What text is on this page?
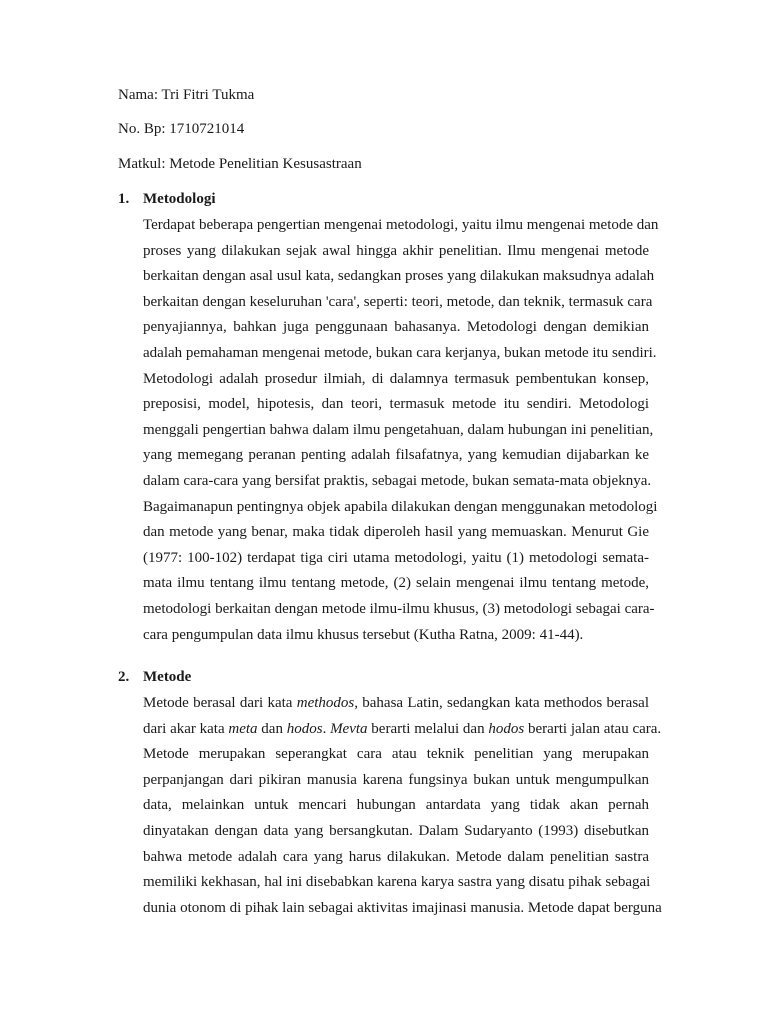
Nama: Tri Fitri Tukma
No. Bp: 1710721014
Matkul: Metode Penelitian Kesusastraan
1. Metodologi
Terdapat beberapa pengertian mengenai metodologi, yaitu ilmu mengenai metode dan
proses yang dilakukan sejak awal hingga akhir penelitian. Ilmu mengenai metode
berkaitan dengan asal usul kata, sedangkan proses yang dilakukan maksudnya adalah
berkaitan dengan keseluruhan 'cara', seperti: teori, metode, dan teknik, termasuk cara
penyajiannya, bahkan juga penggunaan bahasanya. Metodologi dengan demikian
adalah pemahaman mengenai metode, bukan cara kerjanya, bukan metode itu sendiri.
Metodologi adalah prosedur ilmiah, di dalamnya termasuk pembentukan konsep,
preposisi, model, hipotesis, dan teori, termasuk metode itu sendiri. Metodologi
menggali pengertian bahwa dalam ilmu pengetahuan, dalam hubungan ini penelitian,
yang memegang peranan penting adalah filsafatnya, yang kemudian dijabarkan ke
dalam cara-cara yang bersifat praktis, sebagai metode, bukan semata-mata objeknya.
Bagaimanapun pentingnya objek apabila dilakukan dengan menggunakan metodologi
dan metode yang benar, maka tidak diperoleh hasil yang memuaskan. Menurut Gie
(1977: 100-102) terdapat tiga ciri utama metodologi, yaitu (1) metodologi semata-
mata ilmu tentang ilmu tentang metode, (2) selain mengenai ilmu tentang metode,
metodologi berkaitan dengan metode ilmu-ilmu khusus, (3) metodologi sebagai cara-
cara pengumpulan data ilmu khusus tersebut (Kutha Ratna, 2009: 41-44).
2. Metode
Metode berasal dari kata methodos, bahasa Latin, sedangkan kata methodos berasal
dari akar kata meta dan hodos. Mevta berarti melalui dan hodos berarti jalan atau cara.
Metode merupakan seperangkat cara atau teknik penelitian yang merupakan
perpanjangan dari pikiran manusia karena fungsinya bukan untuk mengumpulkan
data, melainkan untuk mencari hubungan antardata yang tidak akan pernah
dinyatakan dengan data yang bersangkutan. Dalam Sudaryanto (1993) disebutkan
bahwa metode adalah cara yang harus dilakukan. Metode dalam penelitian sastra
memiliki kekhasan, hal ini disebabkan karena karya sastra yang disatu pihak sebagai
dunia otonom di pihak lain sebagai aktivitas imajinasi manusia. Metode dapat berguna
